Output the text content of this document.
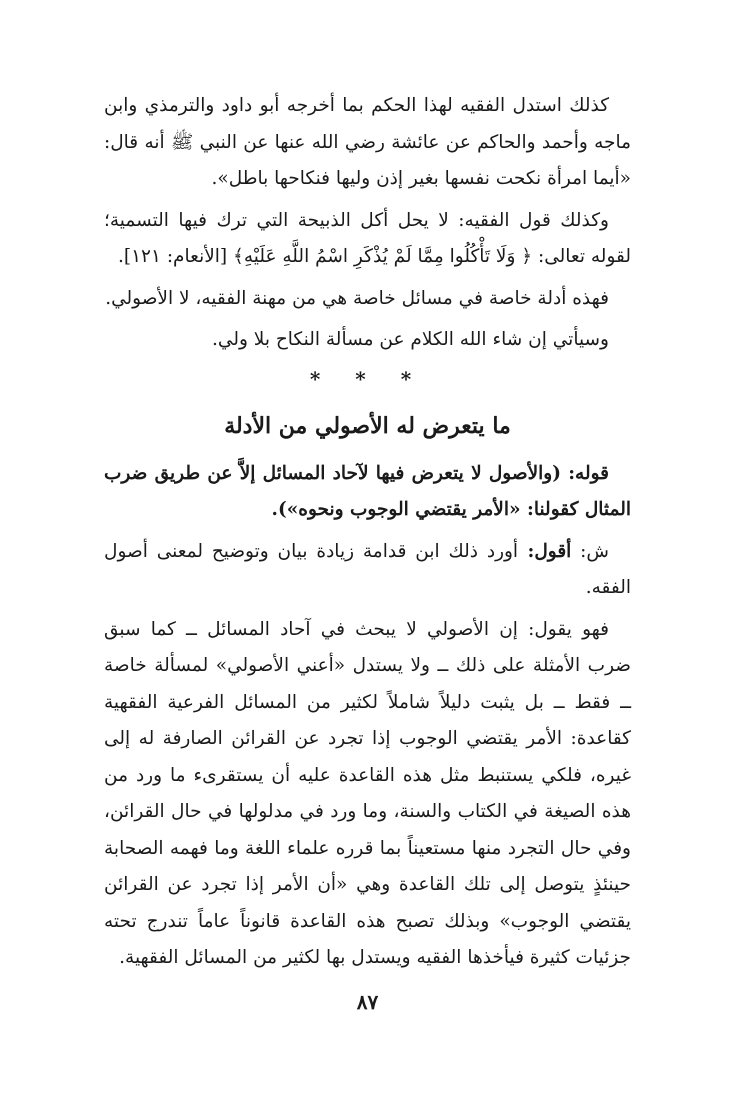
كذلك استدل الفقيه لهذا الحكم بما أخرجه أبو داود والترمذي وابن ماجه وأحمد والحاكم عن عائشة رضي الله عنها عن النبي ﷺ أنه قال: «أيما امرأة نكحت نفسها بغير إذن وليها فنكاحها باطل».

وكذلك قول الفقيه: لا يحل أكل الذبيحة التي ترك فيها التسمية؛ لقوله تعالى: ﴿ وَلَا تَأْكُلُوا مِمَّا لَمْ يُذْكَرِ اسْمُ اللَّهِ عَلَيْهِ﴾ [الأنعام: ١٢١].

فهذه أدلة خاصة في مسائل خاصة هي من مهنة الفقيه، لا الأصولي.

وسيأتي إن شاء الله الكلام عن مسألة النكاح بلا ولي.

* * *
ما يتعرض له الأصولي من الأدلة

قوله: (والأصول لا يتعرض فيها لآحاد المسائل إلاَّ عن طريق ضرب المثال كقولنا: «الأمر يقتضي الوجوب ونحوه»).

ش: أقول: أورد ذلك ابن قدامة زيادة بيان وتوضيح لمعنى أصول الفقه.

فهو يقول: إن الأصولي لا يبحث في آحاد المسائل ــ كما سبق ضرب الأمثلة على ذلك ــ ولا يستدل «أعني الأصولي» لمسألة خاصة ــ فقط ــ بل يثبت دليلاً شاملاً لكثير من المسائل الفرعية الفقهية كقاعدة: الأمر يقتضي الوجوب إذا تجرد عن القرائن الصارفة له إلى غيره، فلكي يستنبط مثل هذه القاعدة عليه أن يستقرىء ما ورد من هذه الصيغة في الكتاب والسنة، وما ورد في مدلولها في حال القرائن، وفي حال التجرد منها مستعيناً بما قرره علماء اللغة وما فهمه الصحابة حينئذٍ يتوصل إلى تلك القاعدة وهي «أن الأمر إذا تجرد عن القرائن يقتضي الوجوب» وبذلك تصبح هذه القاعدة قانوناً عاماً تندرج تحته جزئيات كثيرة فيأخذها الفقيه ويستدل بها لكثير من المسائل الفقهية.

٨٧
